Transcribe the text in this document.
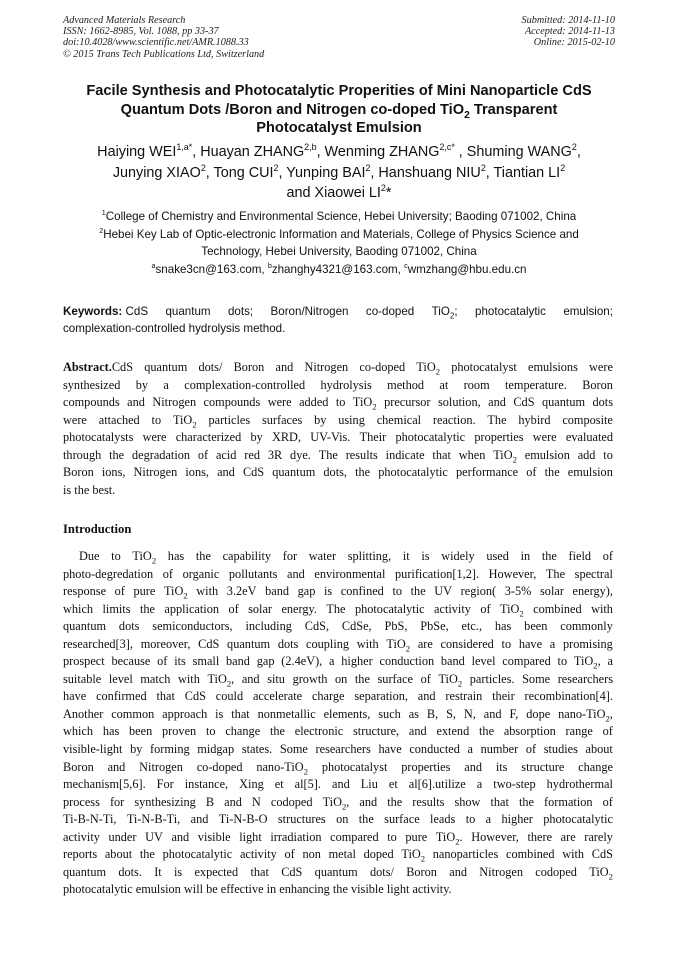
Advanced Materials Research
ISSN: 1662-8985, Vol. 1088, pp 33-37
doi:10.4028/www.scientific.net/AMR.1088.33
© 2015 Trans Tech Publications Ltd, Switzerland
Submitted: 2014-11-10
Accepted: 2014-11-13
Online: 2015-02-10
Facile Synthesis and Photocatalytic Properities of Mini Nanoparticle CdS
Quantum Dots /Boron and Nitrogen co-doped TiO$_2$ Transparent
Photocatalyst Emulsion
Haiying $WEI^{1,a*}$, Huayan ZHANG$^{2,b}$, Wenming $ZHANG^{2,c*}$ , Shuming WANG$^2$,
Junying XIAO$^2$, Tong CUI$^2$, Yunping BAI$^2$, Hanshuang NIU$^2$, Tiantian $LI^2$
and Xiaowei $LI^2*$
$^1$College of Chemistry and Environmental Science, Hebei University; Baoding 071002, China
$^2$Hebei Key Lab of Optic-electronic Information and Materials, College of Physics Science and
Technology, Hebei University, Baoding 071002, China
$^a$snake3cn@163.com, $^b$zhanghy4321@163.com, $^c$wmzhang@hbu.edu.cn
Keywords: CdS quantum dots; Boron/Nitrogen co-doped TiO$_2$; photocatalytic emulsion;
complexation-controlled hydrolysis method.
Abstract.CdS quantum dots/ Boron and Nitrogen co-doped TiO$_2$ photocatalyst emulsions were
synthesized by a complexation-controlled hydrolysis method at room temperature. Boron
compounds and Nitrogen compounds were added to TiO$_2$ precursor solution, and CdS quantum dots
were attached to TiO$_2$ particles surfaces by using chemical reaction. The hybird composite
photocatalysts were characterized by XRD, UV-Vis. Their photocatalytic properties were evaluated
through the degradation of acid red 3R dye. The results indicate that when TiO$_2$ emulsion add to
Boron ions, Nitrogen ions, and CdS quantum dots, the photocatalytic performance of the emulsion
is the best.
Introduction
Due to TiO$_2$ has the capability for water splitting, it is widely used in the field of
photo-degredation of organic pollutants and environmental purification[1,2]. However, The spectral
response of pure TiO$_2$ with 3.2eV band gap is confined to the UV region( 3-5% solar energy),
which limits the application of solar energy. The photocatalytic activity of TiO$_2$ combined with
quantum dots semiconductors, including CdS, CdSe, PbS, PbSe, etc., has been commonly
researched[3], moreover, CdS quantum dots coupling with TiO$_2$ are considered to have a promising
prospect because of its small band gap (2.4eV), a higher conduction band level compared to TiO$_2$, a
suitable level match with TiO$_2$, and situ growth on the surface of TiO$_2$ particles. Some researchers
have confirmed that CdS could accelerate charge separation, and restrain their recombination[4].
Another common approach is that nonmetallic elements, such as B, S, N, and F, dope nano-TiO$_2$,
which has been proven to change the electronic structure, and extend the absorption range of
visible-light by forming midgap states. Some researchers have conducted a number of studies about
Boron and Nitrogen co-doped nano-TiO$_2$ photocatalyst properties and its structure change
mechanism[5,6]. For instance, Xing et al[5]. and Liu et al[6].utilize a two-step hydrothermal
process for synthesizing B and N codoped TiO$_2$, and the results show that the formation of
Ti-B-N-Ti, Ti-N-B-Ti, and Ti-N-B-O structures on the surface leads to a higher photocatalytic
activity under UV and visible light irradiation compared to pure TiO$_2$. However, there are rarely
reports about the photocatalytic activity of non metal doped TiO$_2$ nanoparticles combined with CdS
quantum dots. It is expected that CdS quantum dots/ Boron and Nitrogen codoped TiO$_2$
photocatalytic emulsion will be effective in enhancing the visible light activity.
